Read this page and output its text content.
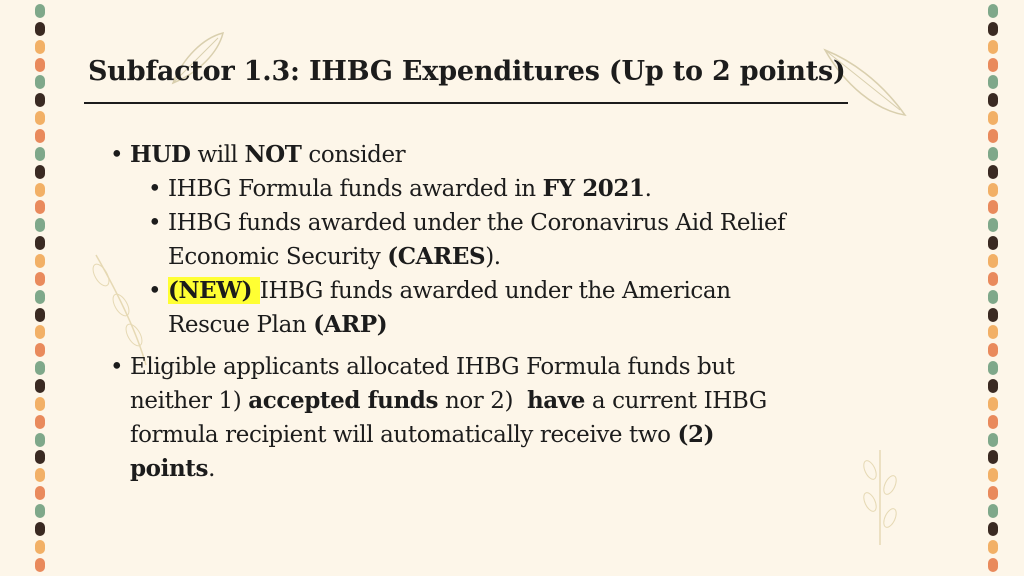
Subfactor 1.3: IHBG Expenditures (Up to 2 points)

• HUD will NOT consider

• IHBG Formula funds awarded in FY 2021.

• IHBG funds awarded under the Coronavirus Aid Relief
Economic Security (CARES).

• (NEW) IHBG funds awarded under the American
Rescue Plan (ARP)

• Eligible applicants allocated IHBG Formula funds but
neither 1) accepted funds nor 2)  have a current IHBG
formula recipient will automatically receive two (2)
points.
